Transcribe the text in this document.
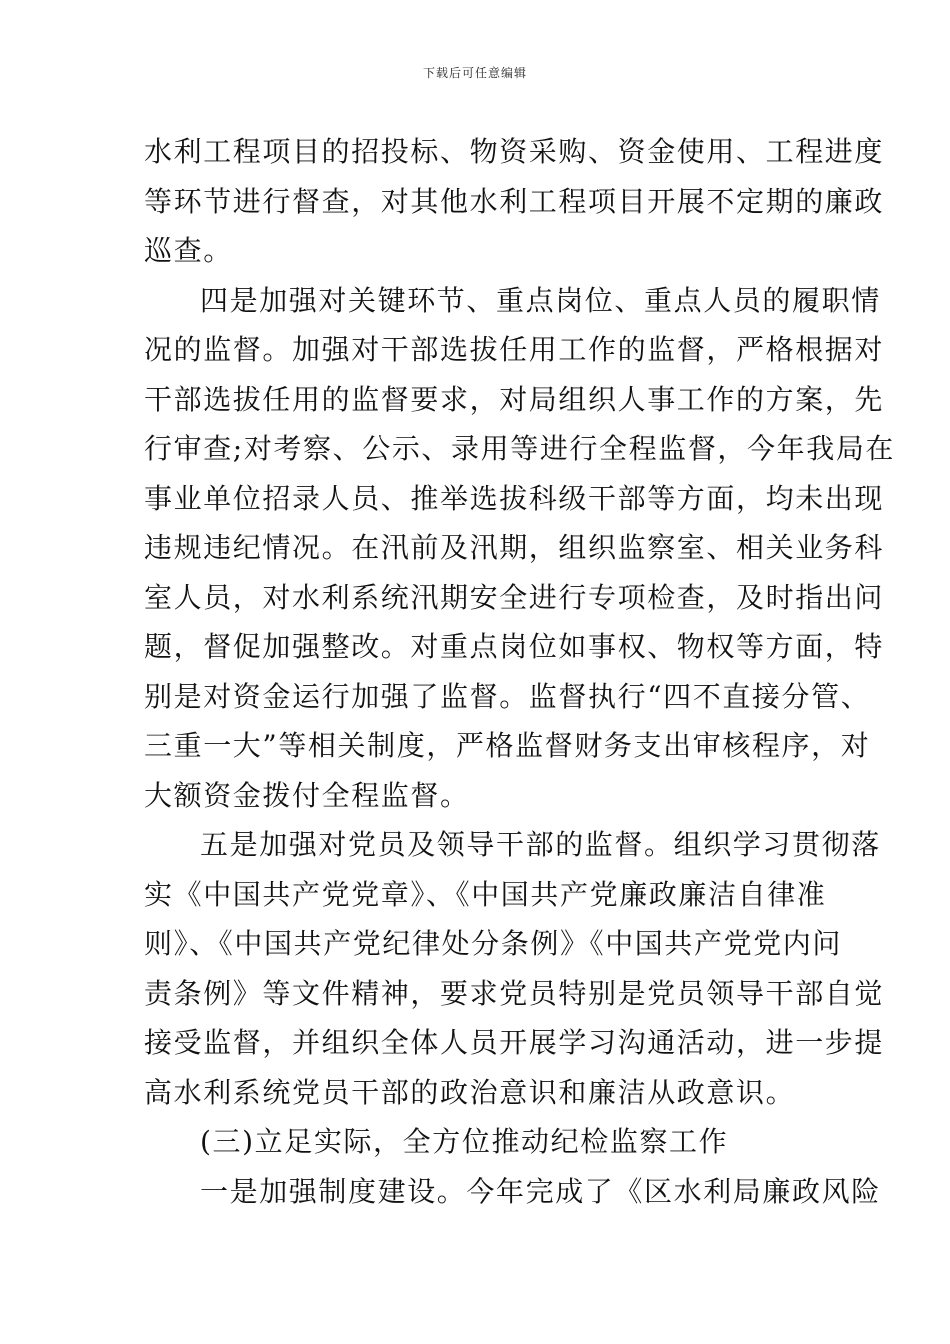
下载后可任意编辑
水利工程项目的招投标、物资采购、资金使用、工程进度
等环节进行督查，对其他水利工程项目开展不定期的廉政
巡查。
四是加强对关键环节、重点岗位、重点人员的履职情
况的监督。加强对干部选拔任用工作的监督，严格根据对
干部选拔任用的监督要求，对局组织人事工作的方案，先
行审查;对考察、公示、录用等进行全程监督，今年我局在
事业单位招录人员、推举选拔科级干部等方面，均未出现
违规违纪情况。在汛前及汛期，组织监察室、相关业务科
室人员，对水利系统汛期安全进行专项检查，及时指出问
题，督促加强整改。对重点岗位如事权、物权等方面，特
别是对资金运行加强了监督。监督执行“四不直接分管、
三重一大”等相关制度，严格监督财务支出审核程序，对
大额资金拨付全程监督。
五是加强对党员及领导干部的监督。组织学习贯彻落
实《中国共产党党章》、《中国共产党廉政廉洁自律准
则》、《中国共产党纪律处分条例》《中国共产党党内问
责条例》等文件精神，要求党员特别是党员领导干部自觉
接受监督，并组织全体人员开展学习沟通活动，进一步提
高水利系统党员干部的政治意识和廉洁从政意识。
(三)立足实际，全方位推动纪检监察工作
一是加强制度建设。今年完成了《区水利局廉政风险
